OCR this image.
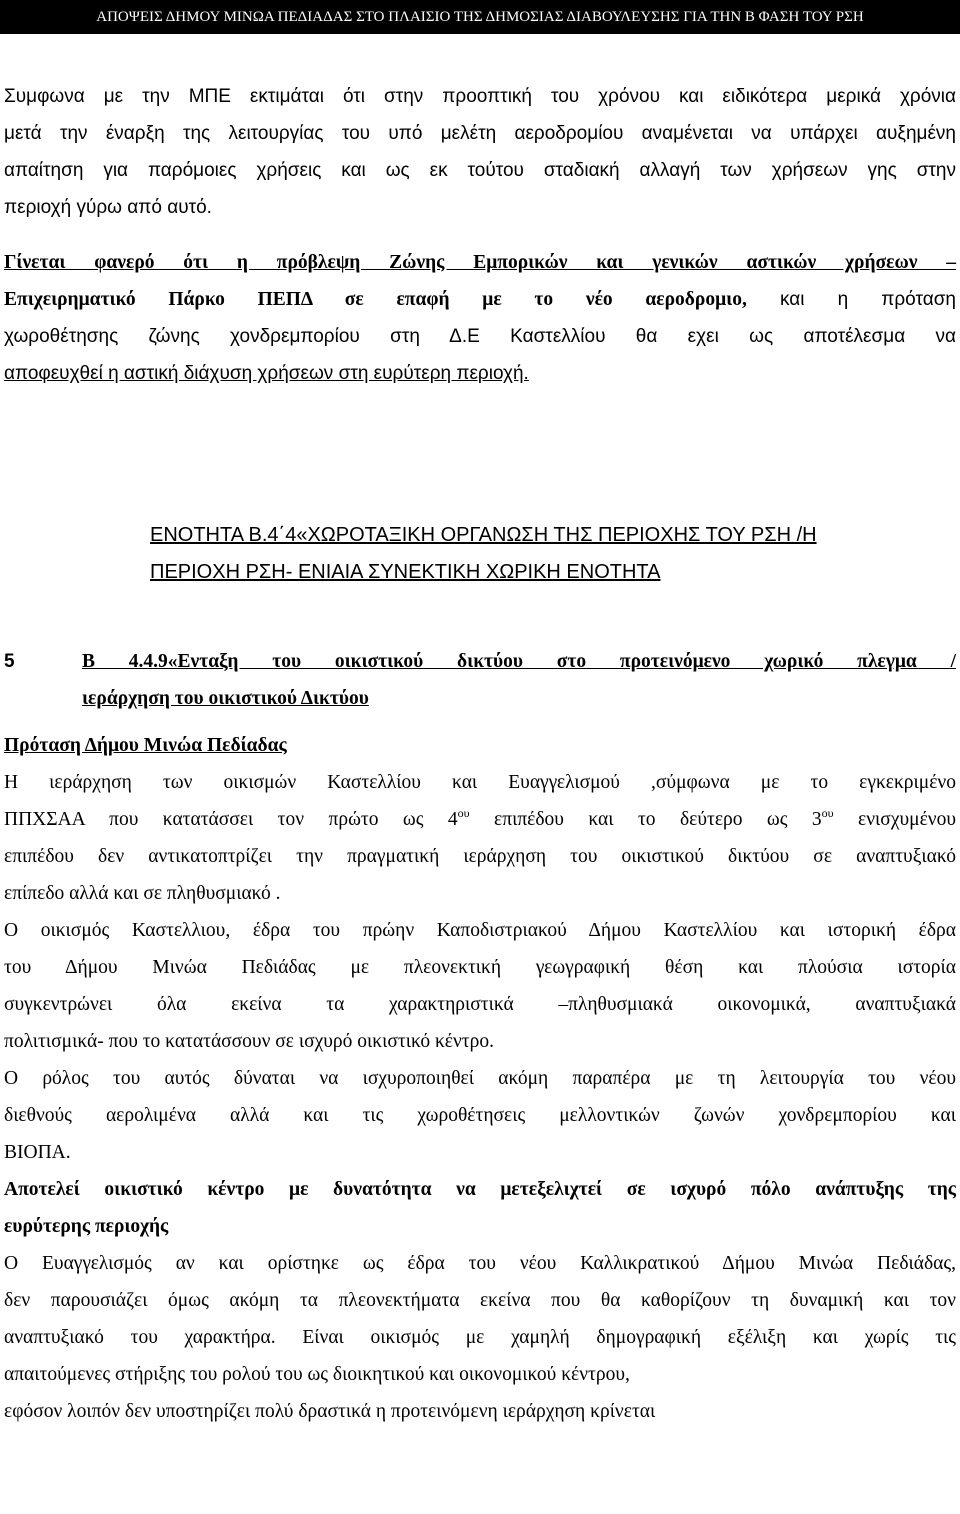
ΑΠΟΨΕΙΣ ΔΗΜΟΥ ΜΙΝΩΑ ΠΕΔΙΑΔΑΣ ΣΤΟ ΠΛΑΙΣΙΟ ΤΗΣ ΔΗΜΟΣΙΑΣ ΔΙΑΒΟΥΛΕΥΣΗΣ ΓΙΑ ΤΗΝ Β ΦΑΣΗ ΤΟΥ ΡΣΗ
Συμφωνα με την ΜΠΕ εκτιμάται ότι στην προοπτική του χρόνου και ειδικότερα μερικά χρόνια
μετά την έναρξη της λειτουργίας του υπό μελέτη αεροδρομίου αναμένεται να υπάρχει αυξημένη
απαίτηση για παρόμοιες χρήσεις και ως εκ τούτου σταδιακή αλλαγή των χρήσεων γης στην
περιοχή γύρω από αυτό.
Γίνεται φανερό ότι η πρόβλεψη Ζώνης Εμπορικών και γενικών αστικών χρήσεων –
Επιχειρηματικό Πάρκο ΠΕΠΔ σε επαφή με το νέο αεροδρομιο, και η πρόταση
χωροθέτησης ζώνης χονδρεμπορίου στη Δ.Ε Καστελλίου θα εχει ως αποτέλεσμα να
αποφευχθεί η αστική διάχυση χρήσεων στη ευρύτερη περιοχή.
ΕΝΟΤΗΤΑ Β.4΄4«ΧΩΡΟΤΑΞΙΚΗ ΟΡΓΑΝΩΣΗ ΤΗΣ ΠΕΡΙΟΧΗΣ ΤΟΥ ΡΣΗ /Η
ΠΕΡΙΟΧΗ ΡΣΗ- ΕΝΙΑΙΑ ΣΥΝΕΚΤΙΚΗ ΧΩΡΙΚΗ ΕΝΟΤΗΤΑ
5	Β 4.4.9«Ενταξη του οικιστικού δικτύου στο προτεινόμενο χωρικό πλεγμα /
ιεράρχηση του οικιστικού Δικτύου
Πρόταση Δήμου Μινώα Πεδίαδας
Η ιεράρχηση των οικισμών Καστελλίου και Ευαγγελισμού ,σύμφωνα με το εγκεκριμένο
ΠΠΧΣΑΑ που κατατάσσει τον πρώτο ως $4^{o\upsilon}$ επιπέδου και το δεύτερο ως $3^{o\upsilon}$ ενισχυμένου
επιπέδου δεν αντικατοπτρίζει την πραγματική ιεράρχηση του οικιστικού δικτύου σε αναπτυξιακό
επίπεδο αλλά και σε πληθυσμιακό .
Ο οικισμός Καστελλιου, έδρα του πρώην Καποδιστριακού Δήμου Καστελλίου και ιστορική έδρα
του Δήμου Μινώα Πεδιάδας με πλεονεκτική γεωγραφική θέση και πλούσια ιστορία
συγκεντρώνει όλα εκείνα τα χαρακτηριστικά –πληθυσμιακά οικονομικά, αναπτυξιακά
πολιτισμικά- που το κατατάσσουν σε ισχυρό οικιστικό κέντρο.
Ο ρόλος του αυτός δύναται να ισχυροποιηθεί ακόμη παραπέρα με τη λειτουργία του νέου
διεθνούς αερολιμένα αλλά και τις χωροθέτησεις μελλοντικών ζωνών χονδρεμπορίου και
ΒΙΟΠΑ.
Αποτελεί οικιστικό κέντρο με δυνατότητα να μετεξελιχτεί σε ισχυρό πόλο ανάπτυξης της
ευρύτερης περιοχής
Ο Ευαγγελισμός αν και ορίστηκε ως έδρα του νέου Καλλικρατικού Δήμου Μινώα Πεδιάδας,
δεν παρουσιάζει όμως ακόμη τα πλεονεκτήματα εκείνα που θα καθορίζουν τη δυναμική και τον
αναπτυξιακό του χαρακτήρα. Είναι οικισμός με χαμηλή δημογραφική εξέλιξη και χωρίς τις
απαιτούμενες στήριξης του ρολού του ως διοικητικού και οικονομικού κέντρου,
εφόσον λοιπόν δεν υποστηρίζει πολύ δραστικά η προτεινόμενη ιεράρχηση κρίνεται
